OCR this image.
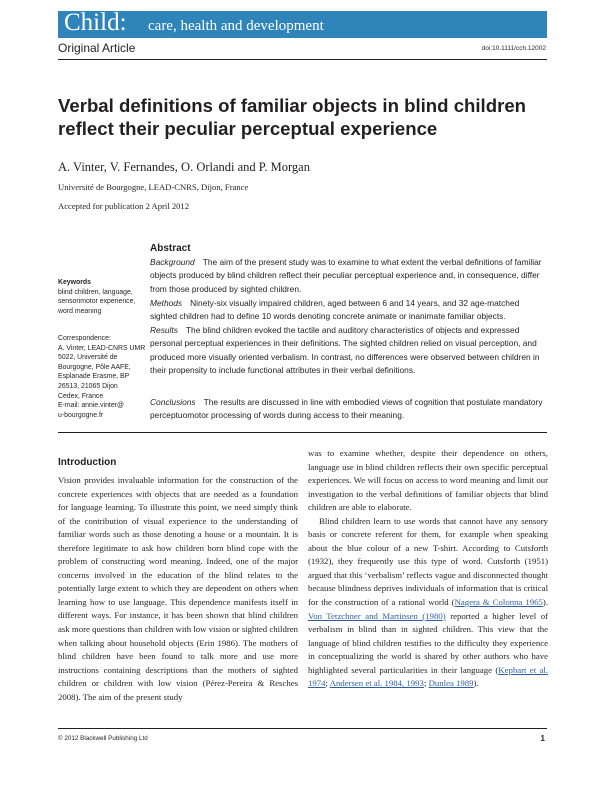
Child: care, health and development
Original Article	doi:10.1111/cch.12002
Verbal definitions of familiar objects in blind children reflect their peculiar perceptual experience
A. Vinter, V. Fernandes, O. Orlandi and P. Morgan
Université de Bourgogne, LEAD-CNRS, Dijon, France
Accepted for publication 2 April 2012
Keywords
blind children, language,
sensorimotor experience,
word meaning
Correspondence:
A. Vinter, LEAD-CNRS UMR
5022, Université de
Bourgogne, Pôle AAFE,
Esplanade Erasme, BP
26513, 21065 Dijon
Cedex, France
E-mail: annie.vinter@
u-bourgogne.fr
Abstract
Background The aim of the present study was to examine to what extent the verbal definitions of familiar objects produced by blind children reflect their peculiar perceptual experience and, in consequence, differ from those produced by sighted children.
Methods Ninety-six visually impaired children, aged between 6 and 14 years, and 32 age-matched sighted children had to define 10 words denoting concrete animate or inanimate familiar objects.
Results The blind children evoked the tactile and auditory characteristics of objects and expressed personal perceptual experiences in their definitions. The sighted children relied on visual perception, and produced more visually oriented verbalism. In contrast, no differences were observed between children in their propensity to include functional attributes in their verbal definitions.
Conclusions The results are discussed in line with embodied views of cognition that postulate mandatory perceptuomotor processing of words during access to their meaning.
Introduction

Vision provides invaluable information for the construction of the concrete experiences with objects that are needed as a foundation for language learning. To illustrate this point, we need simply think of the contribution of visual experience to the understanding of familiar words such as those denoting a house or a mountain. It is therefore legitimate to ask how children born blind cope with the problem of constructing word meaning. Indeed, one of the major concerns involved in the education of the blind relates to the potentially large extent to which they are dependent on others when learning how to use language. This dependence manifests itself in different ways. For instance, it has been shown that blind children ask more questions than children with low vision or sighted children when talking about household objects (Erin 1986). The mothers of blind children have been found to talk more and use more instructions containing descriptions than the mothers of sighted children or children with low vision (Pérez-Pereira & Resches 2008). The aim of the present study

was to examine whether, despite their dependence on others, language use in blind children reflects their own specific perceptual experiences. We will focus on access to word meaning and limit our investigation to the verbal definitions of familiar objects that blind children are able to elaborate.

Blind children learn to use words that cannot have any sensory basis or concrete referent for them, for example when speaking about the blue colour of a new T-shirt. According to Cutsforth (1932), they frequently use this type of word. Cutsforth (1951) argued that this ‘verbalism’ reflects vague and disconnected thought because blindness deprives individuals of information that is critical for the construction of a rational world (Nagera & Colonna 1965). Von Tetzchner and Martinsen (1980) reported a higher level of verbalism in blind than in sighted children. This view that the language of blind children testifies to the difficulty they experience in conceptualizing the world is shared by other authors who have highlighted several particularities in their language (Kephart et al. 1974; Andersen et al. 1984, 1993; Dunlea 1989).

© 2012 Blackwell Publishing Ltd	1
